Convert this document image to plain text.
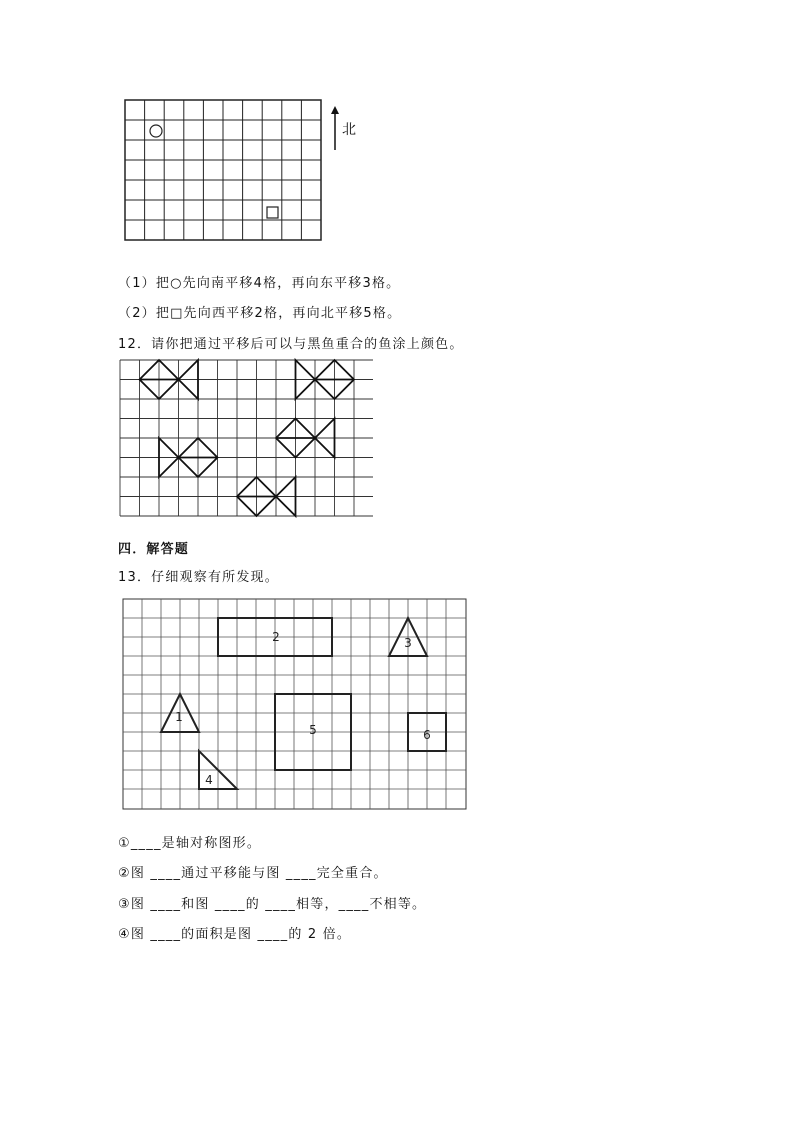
北
（1）把○先向南平移4格，再向东平移3格。
（2）把□先向西平移2格，再向北平移5格。
12．请你把通过平移后可以与黑鱼重合的鱼涂上颜色。
四．解答题
13．仔细观察有所发现。
1
2	3
4
5	6
①____是轴对称图形。
②图 ____通过平移能与图 ____完全重合。
③图 ____和图 ____的 ____相等，____不相等。
④图 ____的面积是图 ____的 2 倍。
